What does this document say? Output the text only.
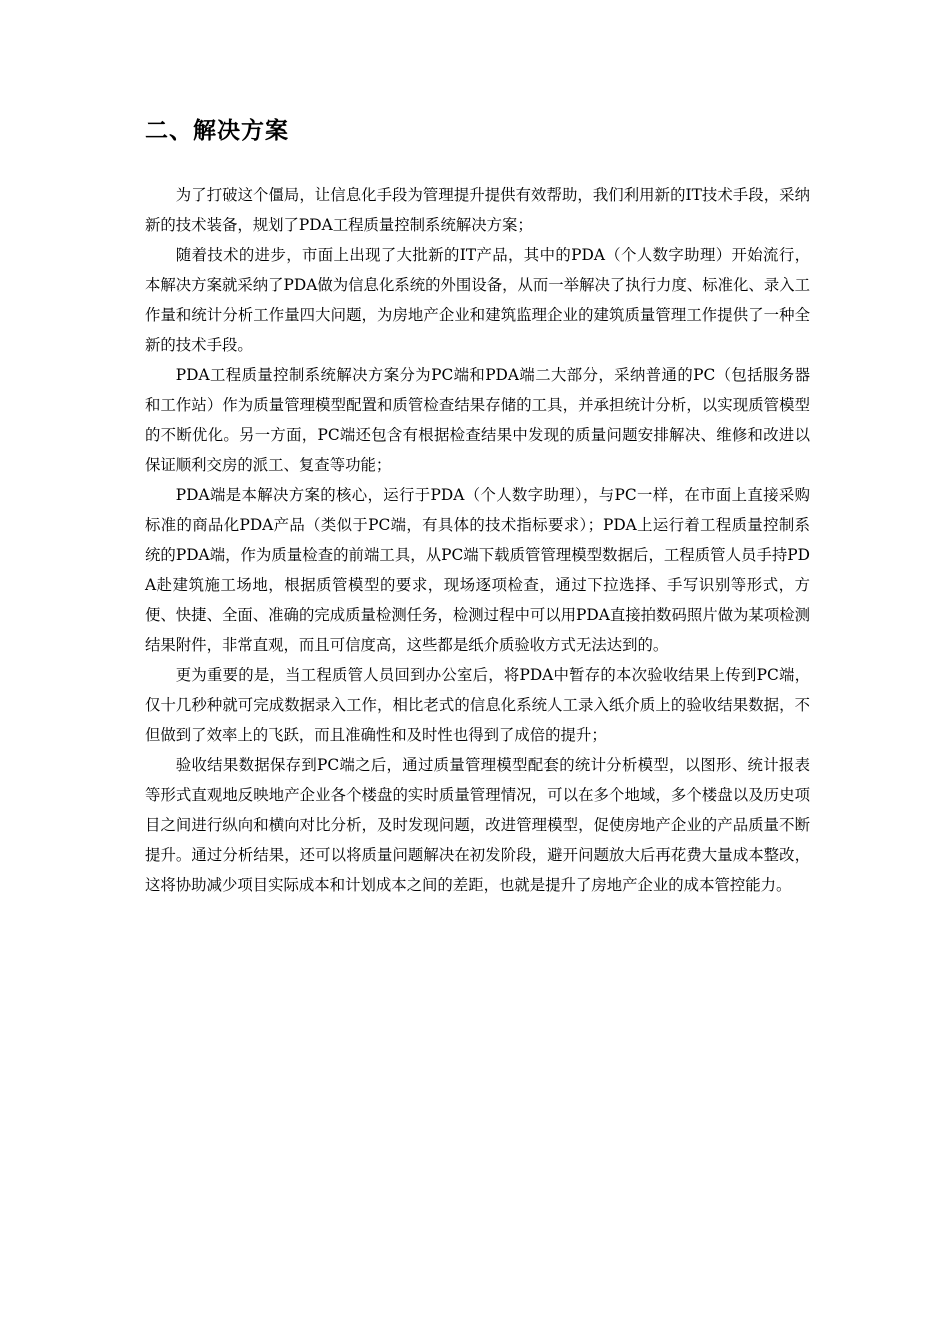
二、解决方案

为了打破这个僵局，让信息化手段为管理提升提供有效帮助，我们利用新的IT技术手段，采纳新的技术装备，规划了PDA工程质量控制系统解决方案；

随着技术的进步，市面上出现了大批新的IT产品，其中的PDA（个人数字助理）开始流行，本解决方案就采纳了PDA做为信息化系统的外围设备，从而一举解决了执行力度、标准化、录入工作量和统计分析工作量四大问题，为房地产企业和建筑监理企业的建筑质量管理工作提供了一种全新的技术手段。

PDA工程质量控制系统解决方案分为PC端和PDA端二大部分，采纳普通的PC（包括服务器和工作站）作为质量管理模型配置和质管检查结果存储的工具，并承担统计分析，以实现质管模型的不断优化。另一方面，PC端还包含有根据检查结果中发现的质量问题安排解决、维修和改进以保证顺利交房的派工、复查等功能；

PDA端是本解决方案的核心，运行于PDA（个人数字助理），与PC一样，在市面上直接采购标准的商品化PDA产品（类似于PC端，有具体的技术指标要求）；PDA上运行着工程质量控制系统的PDA端，作为质量检查的前端工具，从PC端下载质管管理模型数据后，工程质管人员手持PDA赴建筑施工场地，根据质管模型的要求，现场逐项检查，通过下拉选择、手写识别等形式，方便、快捷、全面、准确的完成质量检测任务，检测过程中可以用PDA直接拍数码照片做为某项检测结果附件，非常直观，而且可信度高，这些都是纸介质验收方式无法达到的。

更为重要的是，当工程质管人员回到办公室后，将PDA中暂存的本次验收结果上传到PC端，仅十几秒种就可完成数据录入工作，相比老式的信息化系统人工录入纸介质上的验收结果数据，不但做到了效率上的飞跃，而且准确性和及时性也得到了成倍的提升；

验收结果数据保存到PC端之后，通过质量管理模型配套的统计分析模型，以图形、统计报表等形式直观地反映地产企业各个楼盘的实时质量管理情况，可以在多个地域，多个楼盘以及历史项目之间进行纵向和横向对比分析，及时发现问题，改进管理模型，促使房地产企业的产品质量不断提升。通过分析结果，还可以将质量问题解决在初发阶段，避开问题放大后再花费大量成本整改，这将协助减少项目实际成本和计划成本之间的差距，也就是提升了房地产企业的成本管控能力。
